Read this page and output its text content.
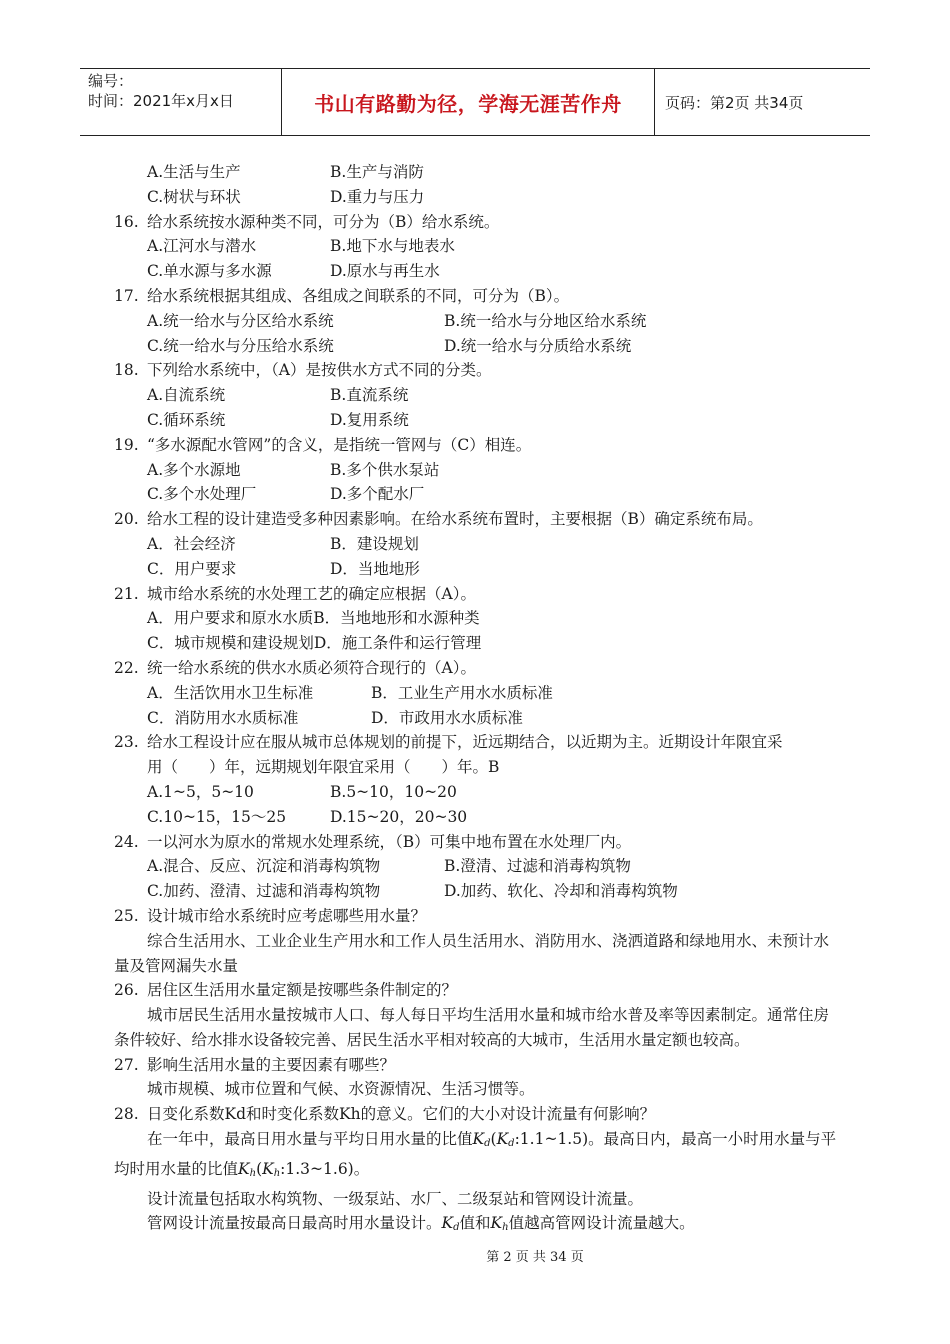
编号：
时间：2021年x月x日	书山有路勤为径，学海无涯苦作舟	页码：第2页 共34页
A.生活与生产	B.生产与消防
C.树状与环状	D.重力与压力
16. 给水系统按水源种类不同，可分为（B）给水系统。
A.江河水与潜水	B.地下水与地表水
C.单水源与多水源	D.原水与再生水
17. 给水系统根据其组成、各组成之间联系的不同，可分为（B）。
A.统一给水与分区给水系统	B.统一给水与分地区给水系统
C.统一给水与分压给水系统	D.统一给水与分质给水系统
18. 下列给水系统中，（A）是按供水方式不同的分类。
A.自流系统	B.直流系统
C.循环系统	D.复用系统
19. “多水源配水管网”的含义，是指统一管网与（C）相连。
A.多个水源地	B.多个供水泵站
C.多个水处理厂	D.多个配水厂
20. 给水工程的设计建造受多种因素影响。在给水系统布置时，主要根据（B）确定系统布局。
A．社会经济	B．建设规划
C．用户要求	D．当地地形
21. 城市给水系统的水处理工艺的确定应根据（A）。
A．用户要求和原水水质B．当地地形和水源种类
C．城市规模和建设规划D．施工条件和运行管理
22. 统一给水系统的供水水质必须符合现行的（A）。
A．生活饮用水卫生标准	B．工业生产用水水质标准
C．消防用水水质标准	D．市政用水水质标准
23. 给水工程设计应在服从城市总体规划的前提下，近远期结合，以近期为主。近期设计年限宜采
用（　　）年，远期规划年限宜采用（　　）年。B
A.1~5，5~10	B.5~10，10~20
C.10~15，15～25	D.15~20，20~30
24. 一以河水为原水的常规水处理系统，（B）可集中地布置在水处理厂内。
A.混合、反应、沉淀和消毒构筑物	B.澄清、过滤和消毒构筑物
C.加药、澄清、过滤和消毒构筑物	D.加药、软化、冷却和消毒构筑物
25. 设计城市给水系统时应考虑哪些用水量？
综合生活用水、工业企业生产用水和工作人员生活用水、消防用水、浇洒道路和绿地用水、未预计水量及管网漏失水量
26. 居住区生活用水量定额是按哪些条件制定的？
城市居民生活用水量按城市人口、每人每日平均生活用水量和城市给水普及率等因素制定。通常住房条件较好、给水排水设备较完善、居民生活水平相对较高的大城市，生活用水量定额也较高。
27. 影响生活用水量的主要因素有哪些？
城市规模、城市位置和气候、水资源情况、生活习惯等。
28. 日变化系数Kd和时变化系数Kh的意义。它们的大小对设计流量有何影响？
在一年中，最高日用水量与平均日用水量的比值$K_d(K_d:1.1\sim 1.5)$。最高日内，最高一小时用水量与平均时用水量的比值$K_h(K_h:1.3\sim 1.6)$。
设计流量包括取水构筑物、一级泵站、水厂、二级泵站和管网设计流量。
管网设计流量按最高日最高时用水量设计。 $K_d$ 值和 $K_h$ 值越高管网设计流量越大。
第 2 页 共 34 页
